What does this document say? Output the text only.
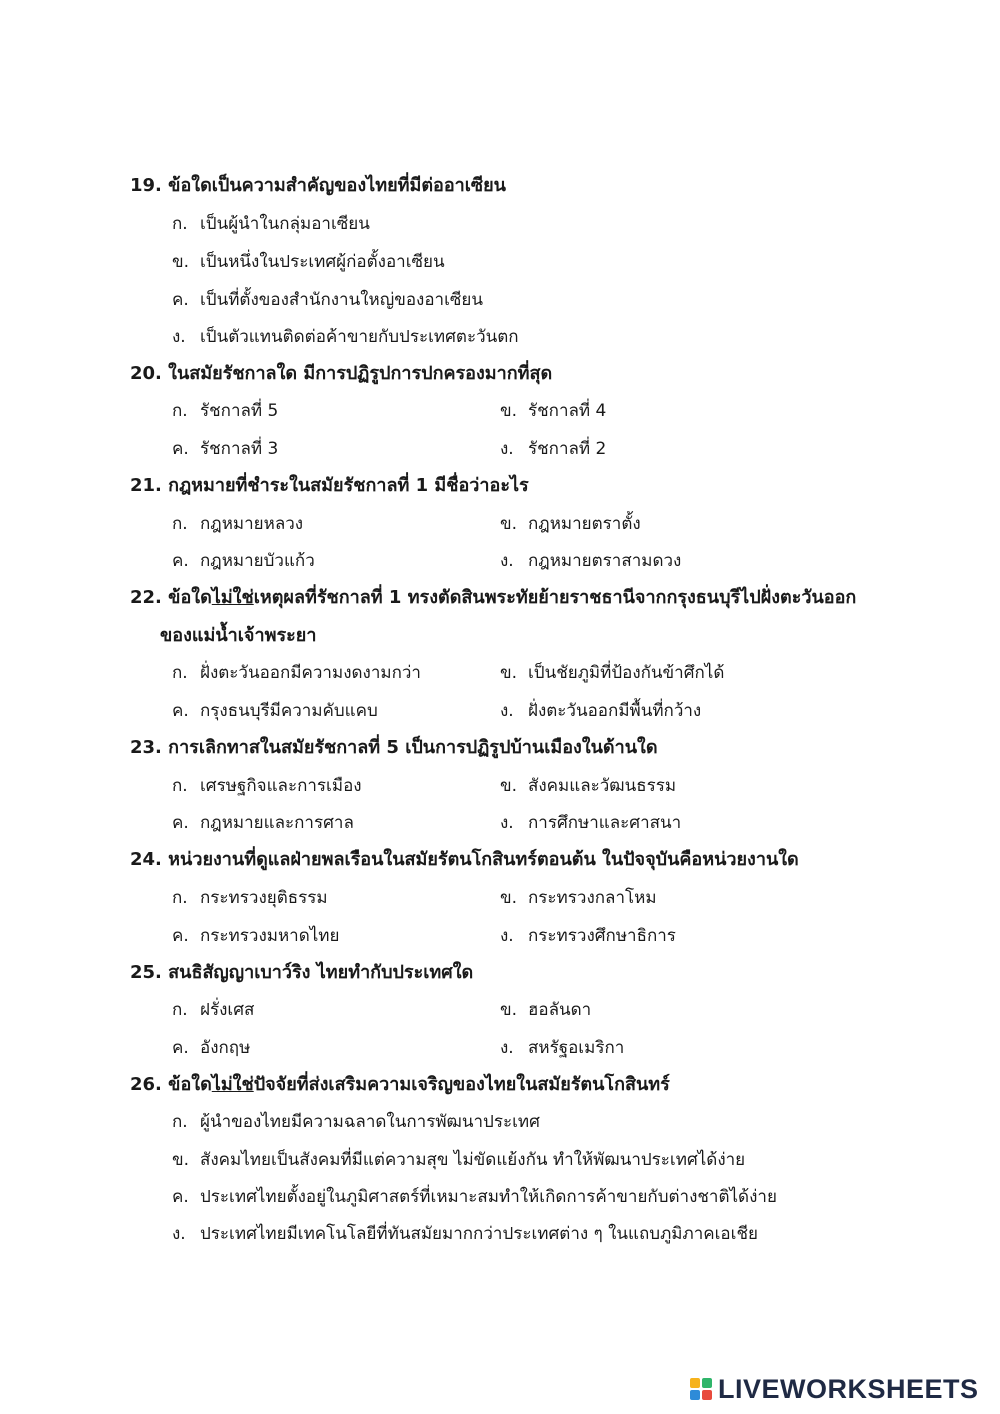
19. ข้อใดเป็นความสำคัญของไทยที่มีต่ออาเซียน
ก. เป็นผู้นำในกลุ่มอาเซียน
ข. เป็นหนึ่งในประเทศผู้ก่อตั้งอาเซียน
ค. เป็นที่ตั้งของสำนักงานใหญ่ของอาเซียน
ง. เป็นตัวแทนติดต่อค้าขายกับประเทศตะวันตก
20. ในสมัยรัชกาลใด มีการปฏิรูปการปกครองมากที่สุด
ก. รัชกาลที่ 5	ข. รัชกาลที่ 4
ค. รัชกาลที่ 3	ง. รัชกาลที่ 2
21. กฎหมายที่ชำระในสมัยรัชกาลที่ 1 มีชื่อว่าอะไร
ก. กฎหมายหลวง	ข. กฎหมายตราตั้ง
ค. กฎหมายบัวแก้ว	ง. กฎหมายตราสามดวง
22. ข้อใดไม่ใช่เหตุผลที่รัชกาลที่ 1 ทรงตัดสินพระทัยย้ายราชธานีจากกรุงธนบุรีไปฝั่งตะวันออก
ของแม่น้ำเจ้าพระยา
ก. ฝั่งตะวันออกมีความงดงามกว่า	ข. เป็นชัยภูมิที่ป้องกันข้าศึกได้
ค. กรุงธนบุรีมีความคับแคบ	ง. ฝั่งตะวันออกมีพื้นที่กว้าง
23. การเลิกทาสในสมัยรัชกาลที่ 5 เป็นการปฏิรูปบ้านเมืองในด้านใด
ก. เศรษฐกิจและการเมือง	ข. สังคมและวัฒนธรรม
ค. กฎหมายและการศาล	ง. การศึกษาและศาสนา
24. หน่วยงานที่ดูแลฝ่ายพลเรือนในสมัยรัตนโกสินทร์ตอนต้น ในปัจจุบันคือหน่วยงานใด
ก. กระทรวงยุติธรรม	ข. กระทรวงกลาโหม
ค. กระทรวงมหาดไทย	ง. กระทรวงศึกษาธิการ
25. สนธิสัญญาเบาว์ริง ไทยทำกับประเทศใด
ก. ฝรั่งเศส	ข. ฮอลันดา
ค. อังกฤษ	ง. สหรัฐอเมริกา
26. ข้อใดไม่ใช่ปัจจัยที่ส่งเสริมความเจริญของไทยในสมัยรัตนโกสินทร์
ก. ผู้นำของไทยมีความฉลาดในการพัฒนาประเทศ
ข. สังคมไทยเป็นสังคมที่มีแต่ความสุข ไม่ขัดแย้งกัน ทำให้พัฒนาประเทศได้ง่าย
ค. ประเทศไทยตั้งอยู่ในภูมิศาสตร์ที่เหมาะสมทำให้เกิดการค้าขายกับต่างชาติได้ง่าย
ง. ประเทศไทยมีเทคโนโลยีที่ทันสมัยมากกว่าประเทศต่าง ๆ ในแถบภูมิภาคเอเชีย
LIVEWORKSHEETS
